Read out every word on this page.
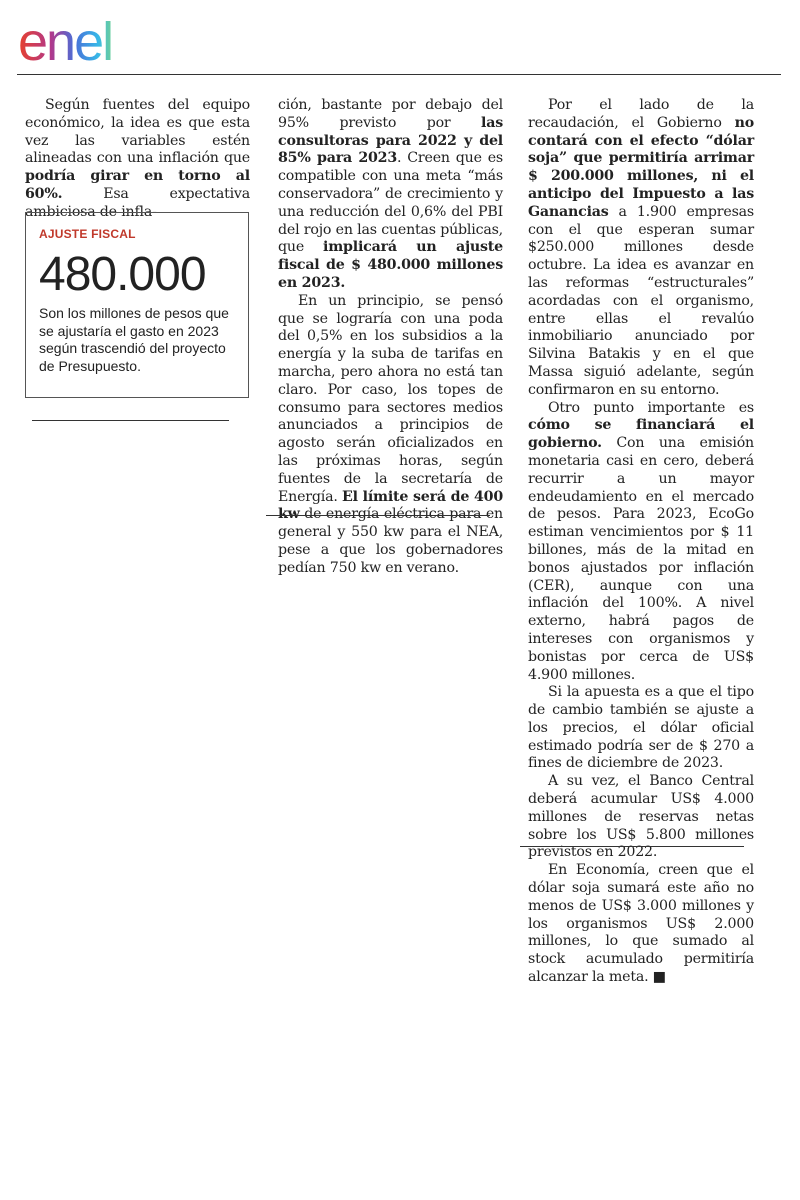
enel

Según fuentes del equipo económico, la idea es que esta vez las variables estén alineadas con una inflación que podría girar en torno al 60%. Esa expectativa ambiciosa de infla-

AJUSTE FISCAL
480.000
Son los millones de pesos que se ajustaría el gasto en 2023 según trascendió del proyecto de Presupuesto.

ción, bastante por debajo del 95% previsto por las consultoras para 2022 y del 85% para 2023. Creen que es compatible con una meta “más conservadora” de crecimiento y una reducción del 0,6% del PBI del rojo en las cuentas públicas, que implicará un ajuste fiscal de $ 480.000 millones en 2023.

En un principio, se pensó que se lograría con una poda del 0,5% en los subsidios a la energía y la suba de tarifas en marcha, pero ahora no está tan claro. Por caso, los topes de consumo para sectores medios anunciados a principios de agosto serán oficializados en las próximas horas, según fuentes de la secretaría de Energía. El límite será de 400 kw de energía eléctrica para en general y 550 kw para el NEA, pese a que los gobernadores pedían 750 kw en verano.

Por el lado de la recaudación, el Gobierno no contará con el efecto “dólar soja” que permitiría arrimar $ 200.000 millones, ni el anticipo del Impuesto a las Ganancias a 1.900 empresas con el que esperan sumar $250.000 millones desde octubre. La idea es avanzar en las reformas “estructurales” acordadas con el organismo, entre ellas el revalúo inmobiliario anunciado por Silvina Batakis y en el que Massa siguió adelante, según confirmaron en su entorno.

Otro punto importante es cómo se financiará el gobierno. Con una emisión monetaria casi en cero, deberá recurrir a un mayor endeudamiento en el mercado de pesos. Para 2023, EcoGo estiman vencimientos por $ 11 billones, más de la mitad en bonos ajustados por inflación (CER), aunque con una inflación del 100%. A nivel externo, habrá pagos de intereses con organismos y bonistas por cerca de US$ 4.900 millones.

Si la apuesta es a que el tipo de cambio también se ajuste a los precios, el dólar oficial estimado podría ser de $ 270 a fines de diciembre de 2023.

A su vez, el Banco Central deberá acumular US$ 4.000 millones de reservas netas sobre los US$ 5.800 millones previstos en 2022.

En Economía, creen que el dólar soja sumará este año no menos de US$ 3.000 millones y los organismos US$ 2.000 millones, lo que sumado al stock acumulado permitiría alcanzar la meta. ■
